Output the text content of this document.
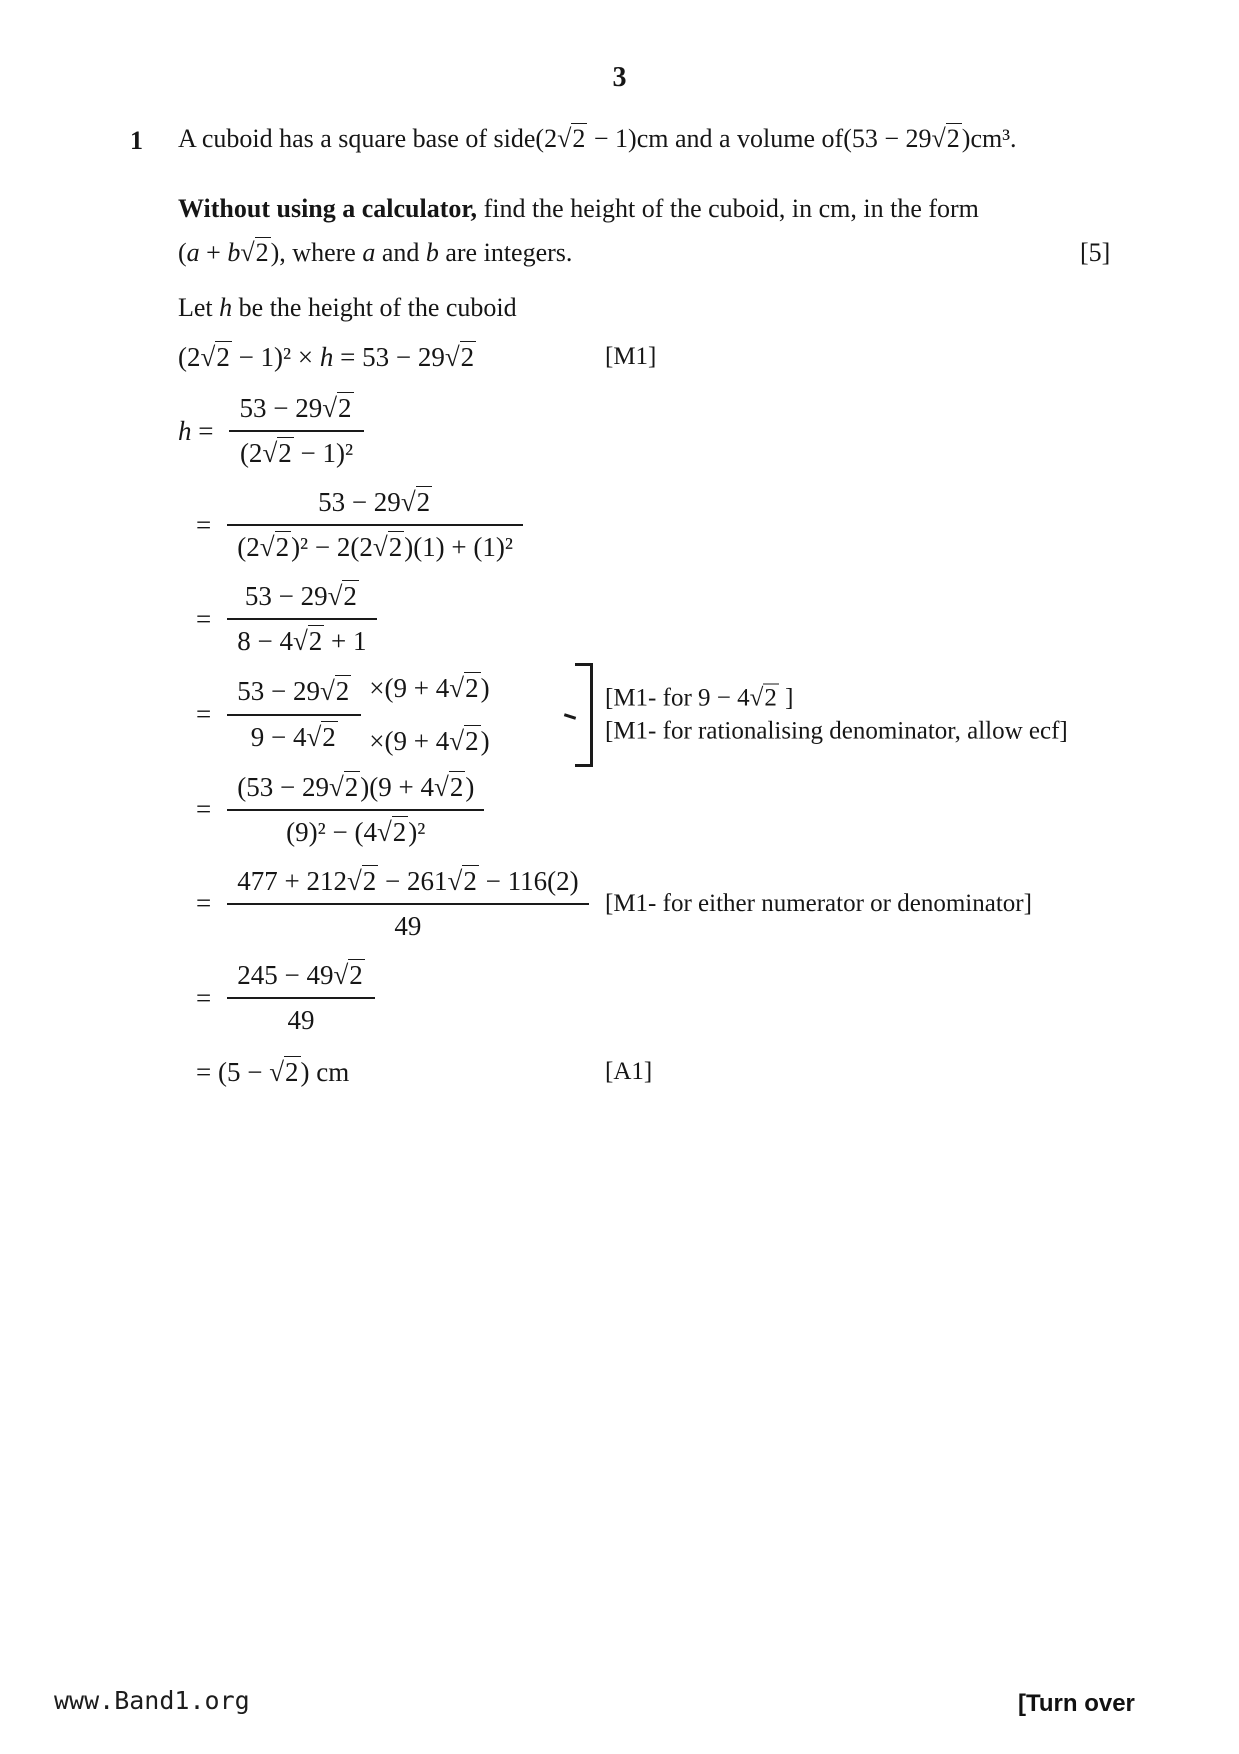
3
1	A cuboid has a square base of side (2√2 − 1) cm and a volume of (53 − 29√2) cm³.
Without using a calculator, find the height of the cuboid, in cm, in the form
(a + b√2), where a and b are integers.	[5]
Let h be the height of the cuboid
(2√2 − 1)² × h = 53 − 29√2	[M1]
$h = \frac{53 - 29√2}{\text{(2√2 − 1)²}}$
= $\frac{53 - 29√2}{\text{(2√2)² − 2(2√2)(1) + (1)²}}$
= $\frac{53 - 29√2}{8 - 4√2 + 1}$
= $\frac{53 - 29√2}{9 - 4√2} \times(9 + 4√2)$
×(9 + 4√2)
[M1- for 9 − 4√2 ]
[M1- for rationalising denominator, allow ecf]
= $\frac{(53 - 29√2)(9 + 4√2)}{\text{(9)² − (4√2)²}}$
= $\frac{477 + 212√2 - 261√2 - 116(2)}{49} [M1-$ for either numerator or denominator]
= $\frac{245 - 49√2}{49}$
= (5 − √2) cm	[A1]
www.Band1.org	[Turn over
